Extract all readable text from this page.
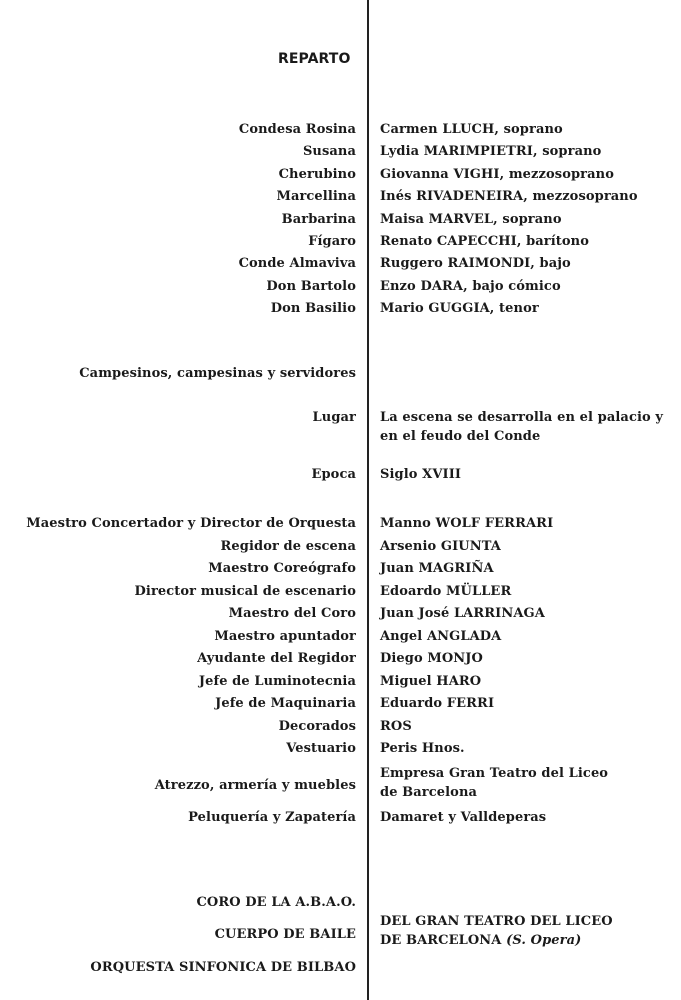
REPARTO
Condesa Rosina Carmen LLUCH, soprano
Susana Lydia MARIMPIETRI, soprano
Cherubino Giovanna VIGHI, mezzosoprano
Marcellina Inés RIVADENEIRA, mezzosoprano
Barbarina Maisa MARVEL, soprano
Fígaro Renato CAPECCHI, barítono
Conde Almaviva Ruggero RAIMONDI, bajo
Don Bartolo Enzo DARA, bajo cómico
Don Basilio Mario GUGGIA, tenor
Campesinos, campesinas y servidores
Lugar La escena se desarrolla en el palacio y
en el feudo del Conde
Epoca Siglo XVIII
Maestro Concertador y Director de Orquesta Manno WOLF FERRARI
Regidor de escena Arsenio GIUNTA
Maestro Coreógrafo Juan MAGRIÑA
Director musical de escenario Edoardo MÜLLER
Maestro del Coro Juan José LARRINAGA
Maestro apuntador Angel ANGLADA
Ayudante del Regidor Diego MONJO
Jefe de Luminotecnia Miguel HARO
Jefe de Maquinaria Eduardo FERRI
Decorados ROS
Vestuario Peris Hnos.
Atrezzo, armería y muebles
Empresa Gran Teatro del Liceo
de Barcelona
Peluquería y Zapatería Damaret y Valldeperas
CORO DE LA A.B.A.O.
CUERPO DE BAILE
ORQUESTA SINFONICA DE BILBAO
DEL GRAN TEATRO DEL LICEO
DE BARCELONA (S. Opera)
